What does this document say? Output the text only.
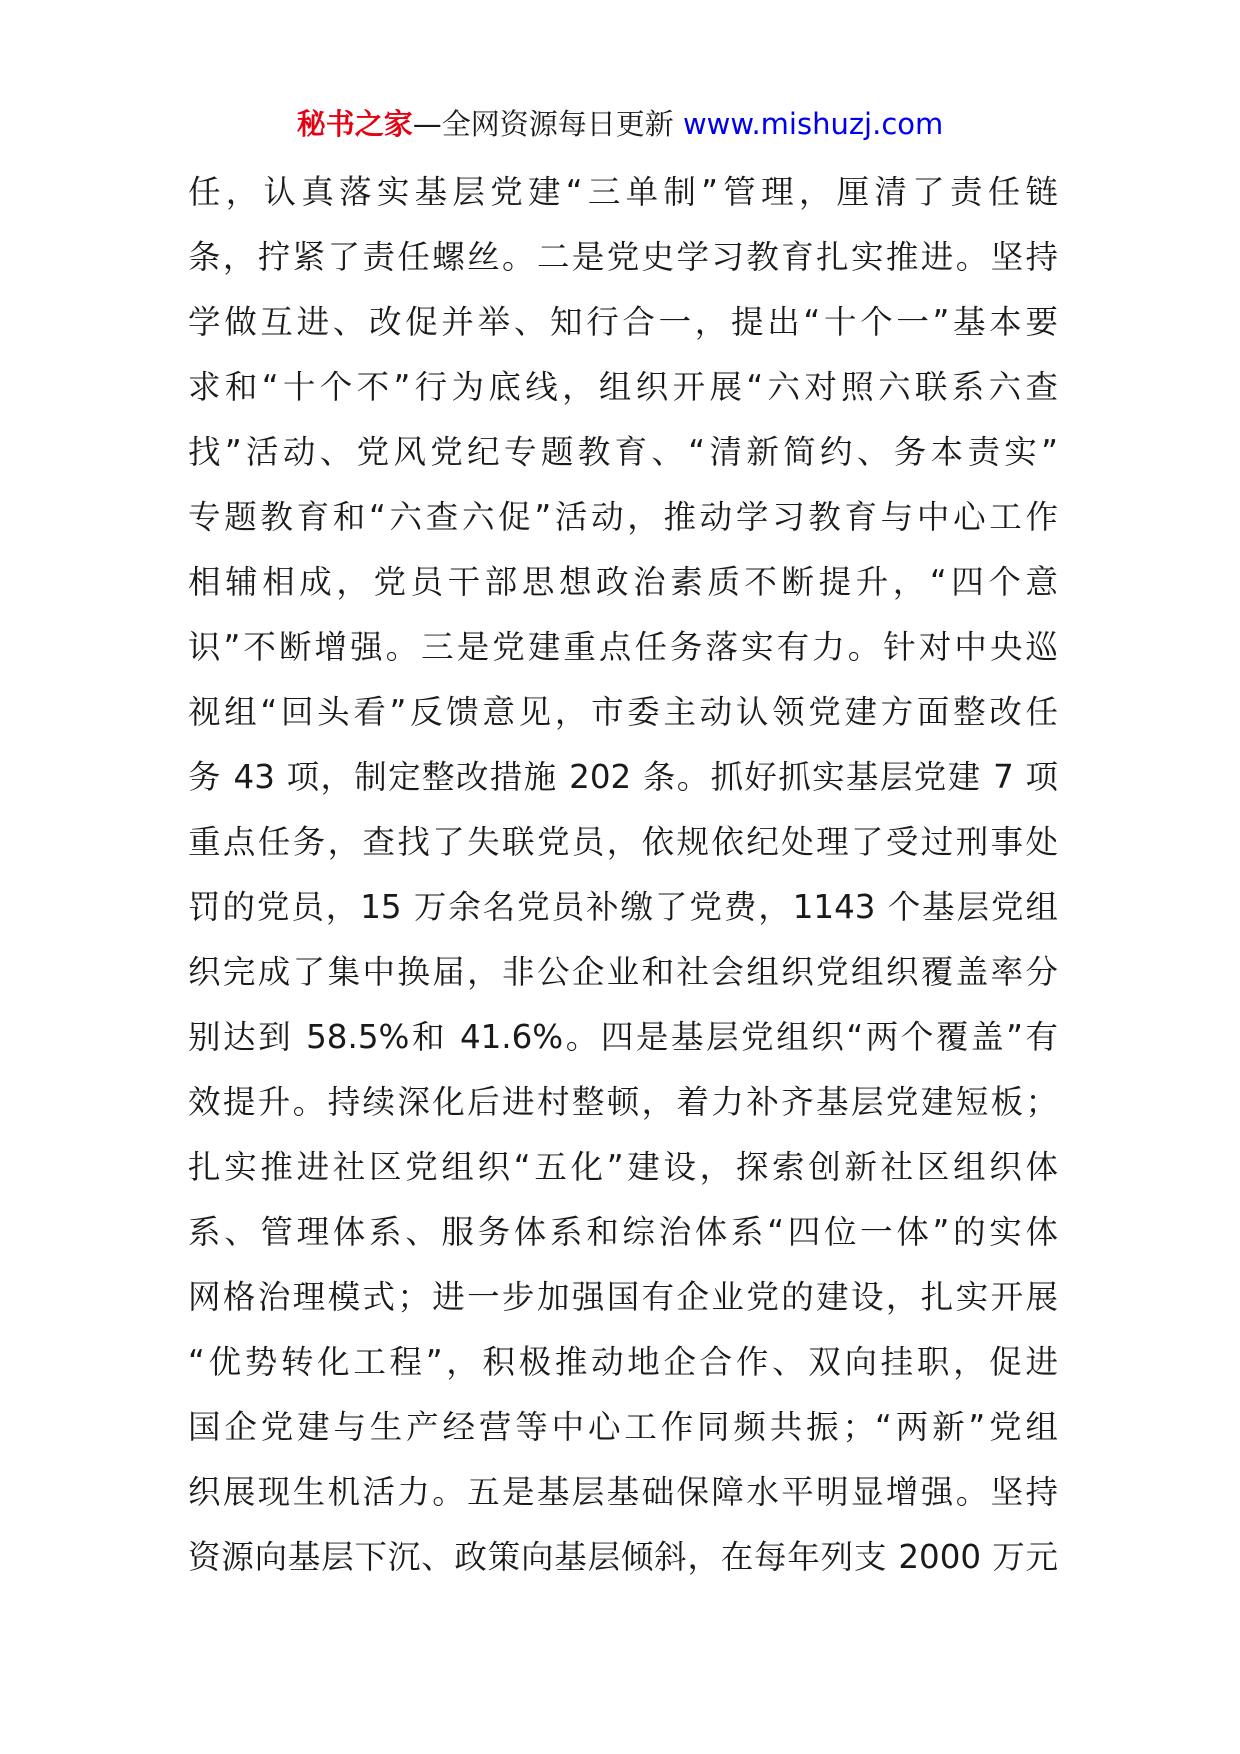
秘书之家—全网资源每日更新 www.mishuzj.com
任，认真落实基层党建“三单制”管理，厘清了责任链
条，拧紧了责任螺丝。二是党史学习教育扎实推进。坚持
学做互进、改促并举、知行合一，提出“十个一”基本要
求和“十个不”行为底线，组织开展“六对照六联系六查
找”活动、党风党纪专题教育、“清新简约、务本责实”
专题教育和“六查六促”活动，推动学习教育与中心工作
相辅相成，党员干部思想政治素质不断提升，“四个意
识”不断增强。三是党建重点任务落实有力。针对中央巡
视组“回头看”反馈意见，市委主动认领党建方面整改任
务 43 项，制定整改措施 202 条。抓好抓实基层党建 7 项
重点任务，查找了失联党员，依规依纪处理了受过刑事处
罚的党员，15 万余名党员补缴了党费，1143 个基层党组
织完成了集中换届，非公企业和社会组织党组织覆盖率分
别达到 58.5%和 41.6%。四是基层党组织“两个覆盖”有
效提升。持续深化后进村整顿，着力补齐基层党建短板；
扎实推进社区党组织“五化”建设，探索创新社区组织体
系、管理体系、服务体系和综治体系“四位一体”的实体
网格治理模式；进一步加强国有企业党的建设，扎实开展
“优势转化工程”，积极推动地企合作、双向挂职，促进
国企党建与生产经营等中心工作同频共振；“两新”党组
织展现生机活力。五是基层基础保障水平明显增强。坚持
资源向基层下沉、政策向基层倾斜，在每年列支 2000 万元
